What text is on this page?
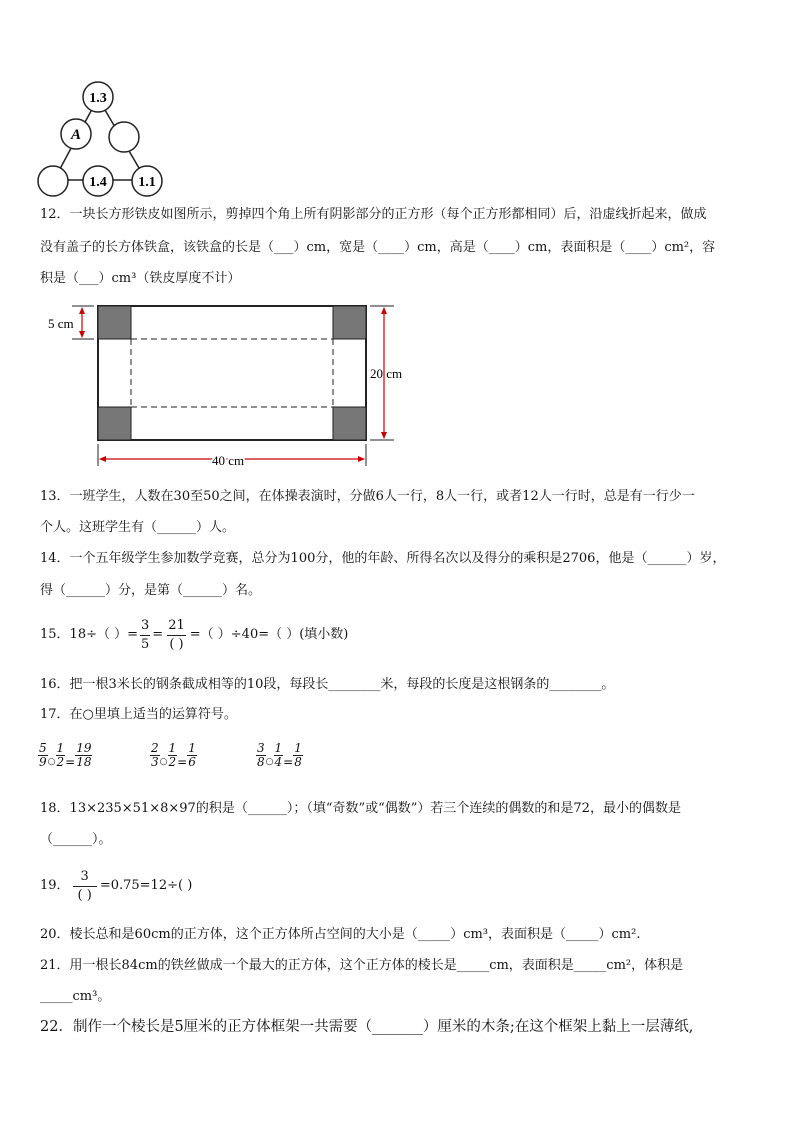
1.3
A
1.4 1.1
12．一块长方形铁皮如图所示，剪掉四个角上所有阴影部分的正方形（每个正方形都相同）后，沿虚线折起来，做成
没有盖子的长方体铁盒，该铁盒的长是（___）cm，宽是（____）cm，高是（____）cm，表面积是（____）cm²，容
积是（___）cm³（铁皮厚度不计）
5 cm
20 cm
40 cm
13．一班学生，人数在30至50之间，在体操表演时，分做6人一行，8人一行，或者12人一行时，总是有一行少一
个人。这班学生有（______）人。
14．一个五年级学生参加数学竞赛，总分为100分，他的年龄、所得名次以及得分的乘积是2706，他是（______）岁，
得（______）分，是第（______）名。
15．18÷（ ）= $\frac{3}{5} = \frac{21}{( )}$ =（ ）÷40=（ ）(填小数)
16．把一根3米长的钢条截成相等的10段，每段长________米，每段的长度是这根钢条的________。
17．在○里填上适当的运算符号。
$\frac{5}{9}$ ○ $\frac{1}{2} = \frac{19}{18}$	$\frac{2}{3}$ ○ $\frac{1}{2} = \frac{1}{6}$	$\frac{3}{8}$ ○ $\frac{1}{4} = \frac{1}{8}$
18．13×235×51×8×97的积是（______）；（填“奇数”或“偶数”）若三个连续的偶数的和是72，最小的偶数是
（______）。
19． $\frac{3}{( )} =0.75=12\div$( )
20．棱长总和是60cm的正方体，这个正方体所占空间的大小是（_____）cm³，表面积是（_____）cm².
21．用一根长84cm的铁丝做成一个最大的正方体，这个正方体的棱长是_____cm，表面积是_____cm²，体积是
_____cm³。
22．制作一个棱长是5厘米的正方体框架一共需要（_______）厘米的木条;在这个框架上黏上一层薄纸,
